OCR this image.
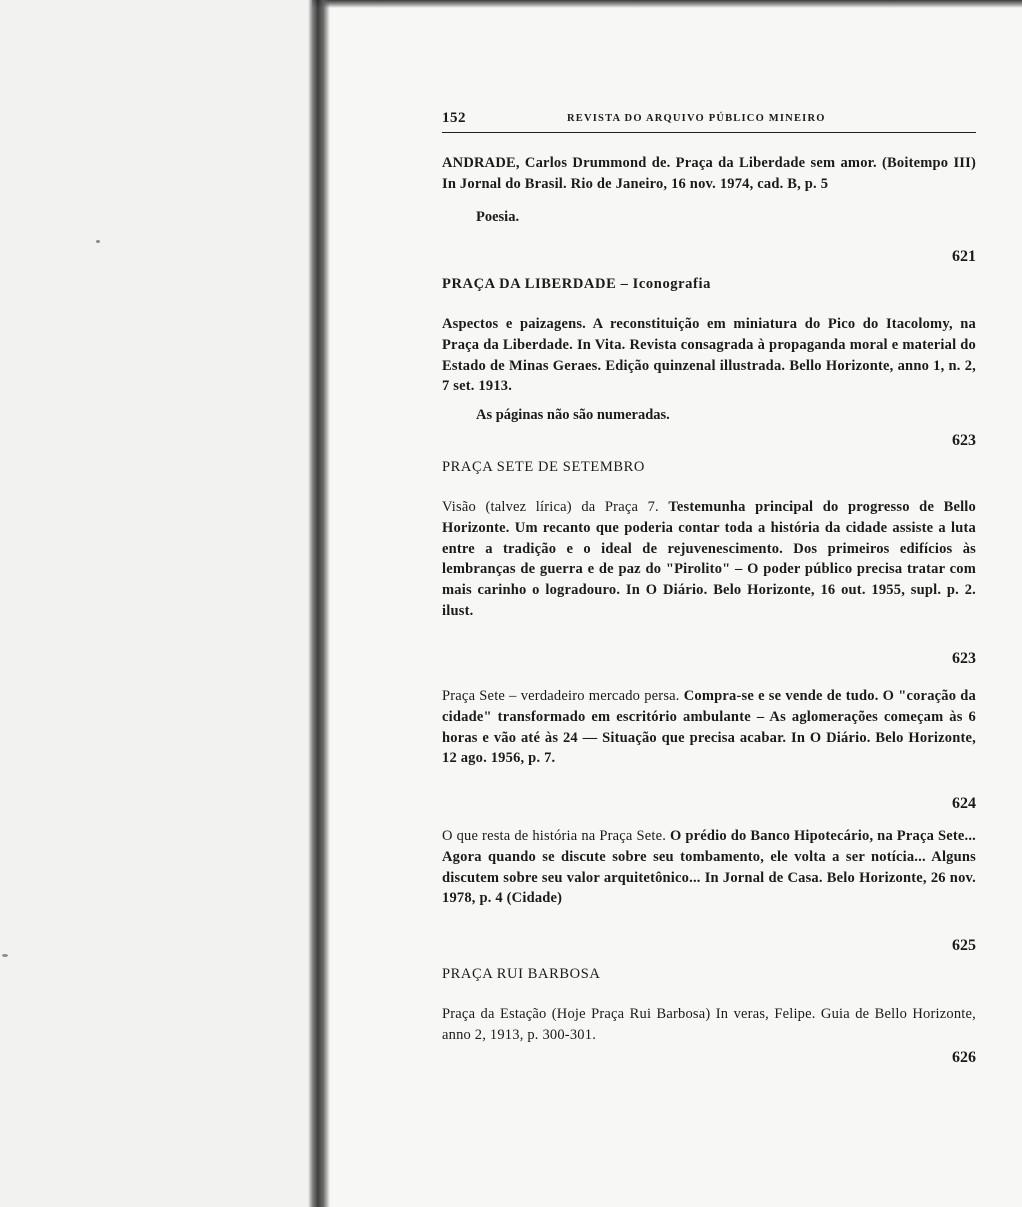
152	REVISTA DO ARQUIVO PÚBLICO MINEIRO

ANDRADE, Carlos Drummond de. Praça da Liberdade sem amor. (Boitempo III) In Jornal do Brasil. Rio de Janeiro, 16 nov. 1974, cad. B, p. 5

Poesia.

621

PRAÇA DA LIBERDADE – Iconografia

Aspectos e paizagens. A reconstituição em miniatura do Pico do Itacolomy, na Praça da Liberdade. In Vita. Revista consagrada à propaganda moral e material do Estado de Minas Geraes. Edição quinzenal illustrada. Bello Horizonte, anno 1, n. 2, 7 set. 1913.

As páginas não são numeradas.

623

PRAÇA SETE DE SETEMBRO

Visão (talvez lírica) da Praça 7. Testemunha principal do progresso de Bello Horizonte. Um recanto que poderia contar toda a história da cidade assiste a luta entre a tradição e o ideal de rejuvenescimento. Dos primeiros edifícios às lembranças de guerra e de paz do "Pirolito" – O poder público precisa tratar com mais carinho o logradouro. In O Diário. Belo Horizonte, 16 out. 1955, supl. p. 2. ilust.

623

Praça Sete – verdadeiro mercado persa. Compra-se e se vende de tudo. O "coração da cidade" transformado em escritório ambulante – As aglomerações começam às 6 horas e vão até às 24 — Situação que precisa acabar. In O Diário. Belo Horizonte, 12 ago. 1956, p. 7.

624

O que resta de história na Praça Sete. O prédio do Banco Hipotecário, na Praça Sete... Agora quando se discute sobre seu tombamento, ele volta a ser notícia... Alguns discutem sobre seu valor arquitetônico... In Jornal de Casa. Belo Horizonte, 26 nov. 1978, p. 4 (Cidade)

625

PRAÇA RUI BARBOSA

Praça da Estação (Hoje Praça Rui Barbosa) In veras, Felipe. Guia de Bello Horizonte, anno 2, 1913, p. 300-301.

626
